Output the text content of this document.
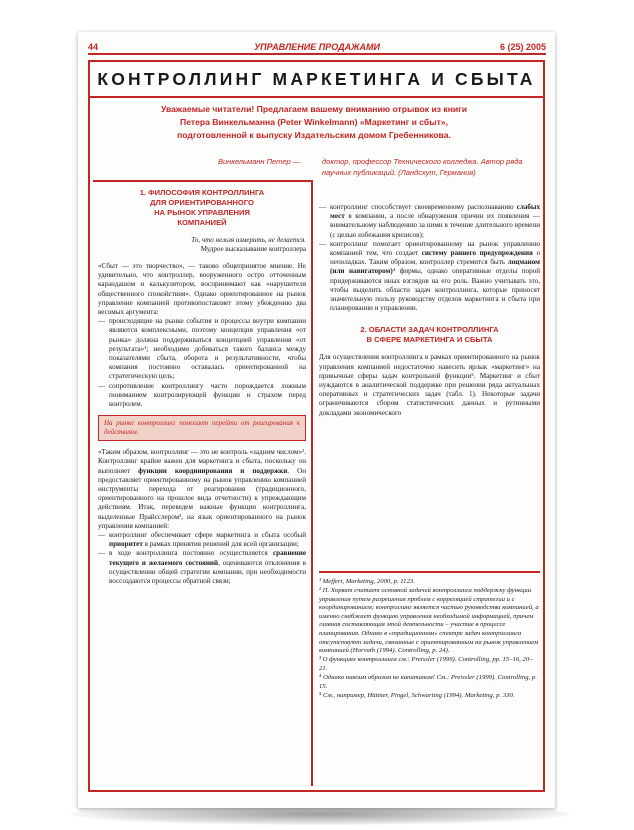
44	УПРАВЛЕНИЕ ПРОДАЖАМИ	6 (25) 2005
КОНТРОЛЛИНГ МАРКЕТИНГА И СБЫТА
Уважаемые читатели! Предлагаем вашему вниманию отрывок из книги
Петера Винкельманна (Peter Winkelmann) «Маркетинг и сбыт»,
подготовленной к выпуску Издательским домом Гребенникова.
Винкельманн Петер —	доктор, профессор Технического колледжа. Автор ряда научных публикаций. (Ландсхут, Германия)
1. ФИЛОСОФИЯ КОНТРОЛЛИНГА
ДЛЯ ОРИЕНТИРОВАННОГО
НА РЫНОК УПРАВЛЕНИЯ
КОМПАНИЕЙ
То, что нельзя измерить, не делается.
Мудрое высказывание контроллера

«Сбыт — это творчество», — таково общепринятое мнение. Не удивительно, что контроллер, вооруженного остро отточенным карандашом и калькулятором, воспринимают как «нарушителя общественного спокойствия». Однако ориентированное на рынок управление компанией противопоставляет этому убеждению два весомых аргумента:

— происходящие на рынке события и процессы внутри компании являются комплексными, поэтому концепция управления «от рынка» должна поддерживаться концепцией управления «от результата»¹; необходимо добиваться такого баланса между показателями сбыта, оборота и результативности, чтобы компания постоянно оставалась ориентированной на стратегическую цель;
— сопротивление контроллингу часто порождается ложным пониманием контролирующей функции и страхом перед контролем.
На рынке контроллинг помогает перейти от реагирования к действиям.

«Таким образом, контроллинг — это не контроль «задним числом»². Контроллинг крайне важен для маркетинга и сбыта, поскольку он выполняет функции координирования и поддержки. Он предоставляет ориентированному на рынок управлению компанией инструменты перехода от реагирования (традиционного, ориентированного на прошлое вида отчетности) к упреждающим действиям. Итак, переведем важные функции контроллинга, выделенные Прайсслером³, на язык ориентированного на рынок управления компанией:

— контроллинг обеспечивает сфере маркетинга и сбыта особый приоритет в рамках принятия решений для всей организации;
— в ходе контроллинга постоянно осуществляется сравнение текущего и желаемого состояний, оцениваются отклонения в осуществлении общей стратегии компании, при необходимости воссоздаются процессы обратной связи;
— контроллинг способствует своевременному распознаванию слабых мест в компании, а после обнаружения причин их появления — внимательному наблюдению за ними в течение длительного времени (с целью избежания кризисов);
— контроллинг помогает ориентированному на рынок управлению компанией тем, что создает систему раннего предупреждения о неполадках. Таким образом, контроллер стремится быть лоцманом (или навигатором)⁴ фирмы, однако оперативные отделы порой придерживаются иных взглядов на его роль. Важно учитывать это, чтобы выделить области задач контроллинга, которые приносят значительную пользу руководству отделов маркетинга и сбыта при планировании и управлении.
2. ОБЛАСТИ ЗАДАЧ КОНТРОЛЛИНГА
В СФЕРЕ МАРКЕТИНГА И СБЫТА

Для осуществления контроллинга в рамках ориентированного на рынок управления компанией недостаточно навесить ярлык «маркетинг» на привычные сферы задач контрольной функции⁵. Маркетинг и сбыт нуждаются в аналитической поддержке при решении ряда актуальных оперативных и стратегических задач (табл. 1). Некоторые задачи ограничиваются сбором статистических данных и рутинными докладами экономического

¹ Meffert, Marketing, 2000, p. 1123.
² П. Хорват считает основной задачей контроллинга поддержку функции управления путем разрешения проблем с корреляцией стратегии и с координированием; контроллинг является частью руководства компанией, а именно снабжает функцию управления необходимой информацией, причем главная составляющая этой деятельности – участие в процессе планирования. Однако в «традиционном» спектре задач контроллинга отсутствуют задачи, связанные с ориентированным на рынок управлением компанией (Horvath (1994). Controlling, p. 24).
³ О функциях контроллинга см.: Preissler (1999). Controlling, pp. 15–16, 20–21.
⁴ Однако никоим образом не капитаном! См.: Preissler (1999). Controlling, p. 15.
⁵ См., например, Hüttner, Pingel, Schwarting (1994). Marketing, p. 330.
